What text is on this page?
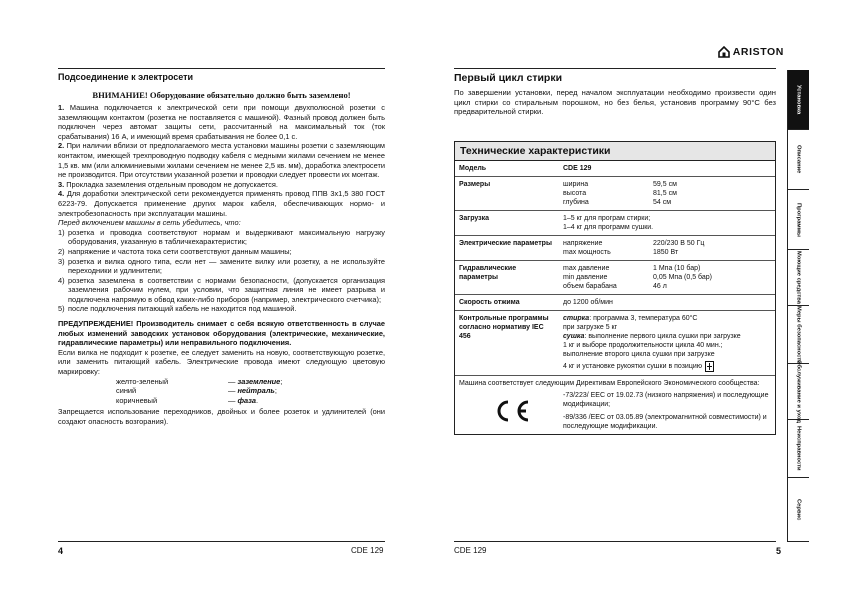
Подсоединение к электросети
ВНИМАНИЕ! Оборудование обязательно должно быть заземлено!

1. Машина подключается к электрической сети при помощи двухполюсной розетки с заземляющим контактом (розетка не поставляется с машиной). Фазный провод должен быть подключен через автомат защиты сети, рассчитанный на максимальный ток (ток срабатывания) 16 А, и имеющий время срабатывания не более 0,1 с.

2. При наличии вблизи от предполагаемого места установки машины розетки с заземляющим контактом, имеющей трехпроводную подводку кабеля с медными жилами сечением не менее 1,5 кв. мм (или алюминиевыми жилами сечением не менее 2,5 кв. мм), доработка электросети не производится. При отсутствии указанной розетки и проводки следует провести их монтаж.

3. Прокладка заземления отдельным проводом не допускается.

4. Для доработки электрической сети рекомендуется применять провод ППВ 3х1,5 380 ГОСТ 6223-79. Допускается применение других марок кабеля, обеспечивающих нормо- и электробезопасность при эксплуатации машины.

Перед включением машины в сеть убедитесь, что:

1) розетка и проводка соответствуют нормам и выдерживают максимальную нагрузку оборудования, указанную в табличкехарактеристик;
2) напряжение и частота тока сети соответствуют данным машины;
3) розетка и вилка одного типа, если нет — замените вилку или розетку, а не используйте переходники и удлинители;
4) розетка заземлена в соответствии с нормами безопасности, (допускается организация заземления рабочим нулем, при условии, что защитная линия не имеет разрыва и подключена напрямую в обвод каких-либо приборов (например, электрического счетчика);
5) после подключения питающий кабель не находится под машиной.

ПРЕДУПРЕЖДЕНИЕ! Производитель снимает с себя всякую ответственность в случае любых изменений заводских установок оборудования (электрические, механические, гидравлические параметры) или неправильного подключения.

Если вилка не подходит к розетке, ее следует заменить на новую, соответствующую розетке, или заменить питающий кабель. Электрические провода имеют следующую цветовую маркировку:

желто-зеленый	— заземление;
синий	— нейтраль;
коричневый	— фаза.

Запрещается использование переходников, двойных и более розеток и удлинителей (они создают опасность возгорания).

4	CDE 129
ARISTON
Первый цикл стирки
По завершении установки, перед началом эксплуатации необходимо произвести один цикл стирки со стиральным порошком, но без белья, установив программу 90°С без предварительной стирки.
Технические характеристики
Модель	CDE 129
Размеры	ширина	59,5 см
высота	81,5 см
глубина	54 см
Загрузка	1–5 кг для програм стирки;
1–4 кг для программ сушки.
Электрические параметры	напряжение	220/230 В 50 Гц
max мощность	1850 Вт
Гидравлические параметры
max давление	1 Мпа (10 бар)
min давление	0,05 Мпа (0,5 бар)
объем барабана	46 л
Скорость отжима	до 1200 об/мин
Контрольные программы согласно нормативу IEC 456
стирка: программа 3, температура 60°С
при загрузке 5 кг
сушка: выполнение первого цикла сушки при загрузке
1 кг и выборе продолжительности цикла 40 мин.;
выполнение второго цикла сушки при загрузке
4 кг и установке рукоятки сушки в позицию
Машина соответствует следующим Директивам Европейского Экономического сообщества:
-73/223/ EEC от 19.02.73 (низкого напряжения) и последующие модификации;
-89/336 /EEC от 03.05.89 (электромагнитной совместимости) и последующие модификации.
Установка
Описание
Программы
Моющие средства
Меры безопасности
Обслуживание и уход
Неисправности
Сервис
CDE 129	5
